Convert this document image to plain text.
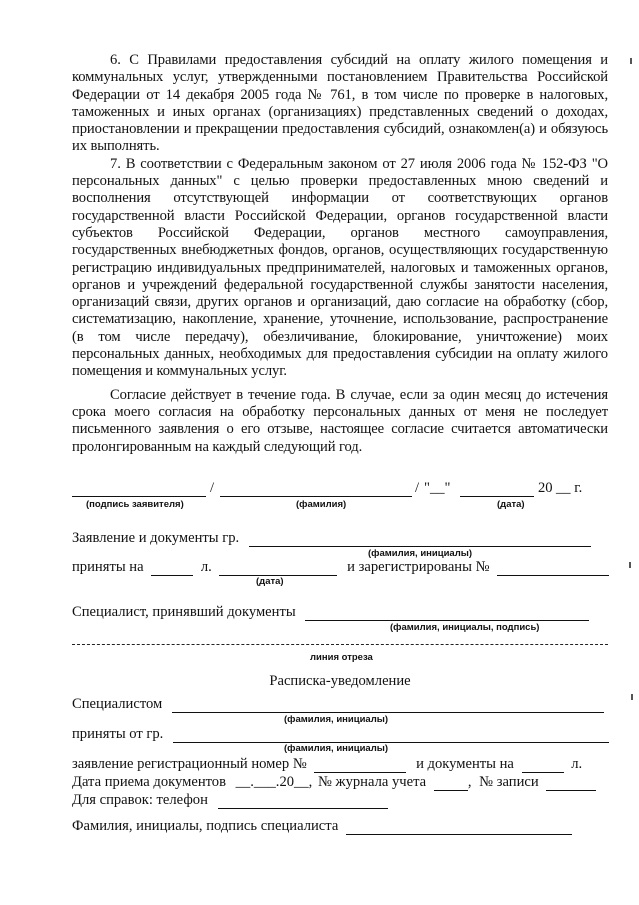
6. С Правилами предоставления субсидий на оплату жилого помещения и коммунальных услуг, утвержденными постановлением Правительства Российской Федерации от 14 декабря 2005 года № 761, в том числе по проверке в налоговых, таможенных и иных органах (организациях) представленных сведений о доходах, приостановлении и прекращении предоставления субсидий, ознакомлен(а) и обязуюсь их выполнять.

7. В соответствии с Федеральным законом от 27 июля 2006 года № 152-ФЗ "О персональных данных" с целью проверки предоставленных мною сведений и восполнения отсутствующей информации от соответствующих органов государственной власти Российской Федерации, органов государственной власти субъектов Российской Федерации, органов местного самоуправления, государственных внебюджетных фондов, органов, осуществляющих государственную регистрацию индивидуальных предпринимателей, налоговых и таможенных органов, органов и учреждений федеральной государственной службы занятости населения, организаций связи, других органов и организаций, даю согласие на обработку (сбор, систематизацию, накопление, хранение, уточнение, использование, распространение (в том числе передачу), обезличивание, блокирование, уничтожение) моих персональных данных, необходимых для предоставления субсидии на оплату жилого помещения и коммунальных услуг.

Согласие действует в течение года. В случае, если за один месяц до истечения срока моего согласия на обработку персональных данных от меня не последует письменного заявления о его отзыве, настоящее согласие считается автоматически пролонгированным на каждый следующий год.

/	/ "__"	20 __ г.
(подпись заявителя)	(фамилия)	(дата)
Заявление и документы гр.
(фамилия, инициалы)
приняты на	л.	и зарегистрированы №
(дата)
Специалист, принявший документы
(фамилия, инициалы, подпись)
линия отреза
Расписка-уведомление
Специалистом
(фамилия, инициалы)
приняты от гр.
(фамилия, инициалы)
заявление регистрационный номер №	и документы на	л.
Дата приема документов __.___.20__, № журнала учета	, № записи
Для справок: телефон
Фамилия, инициалы, подпись специалиста
